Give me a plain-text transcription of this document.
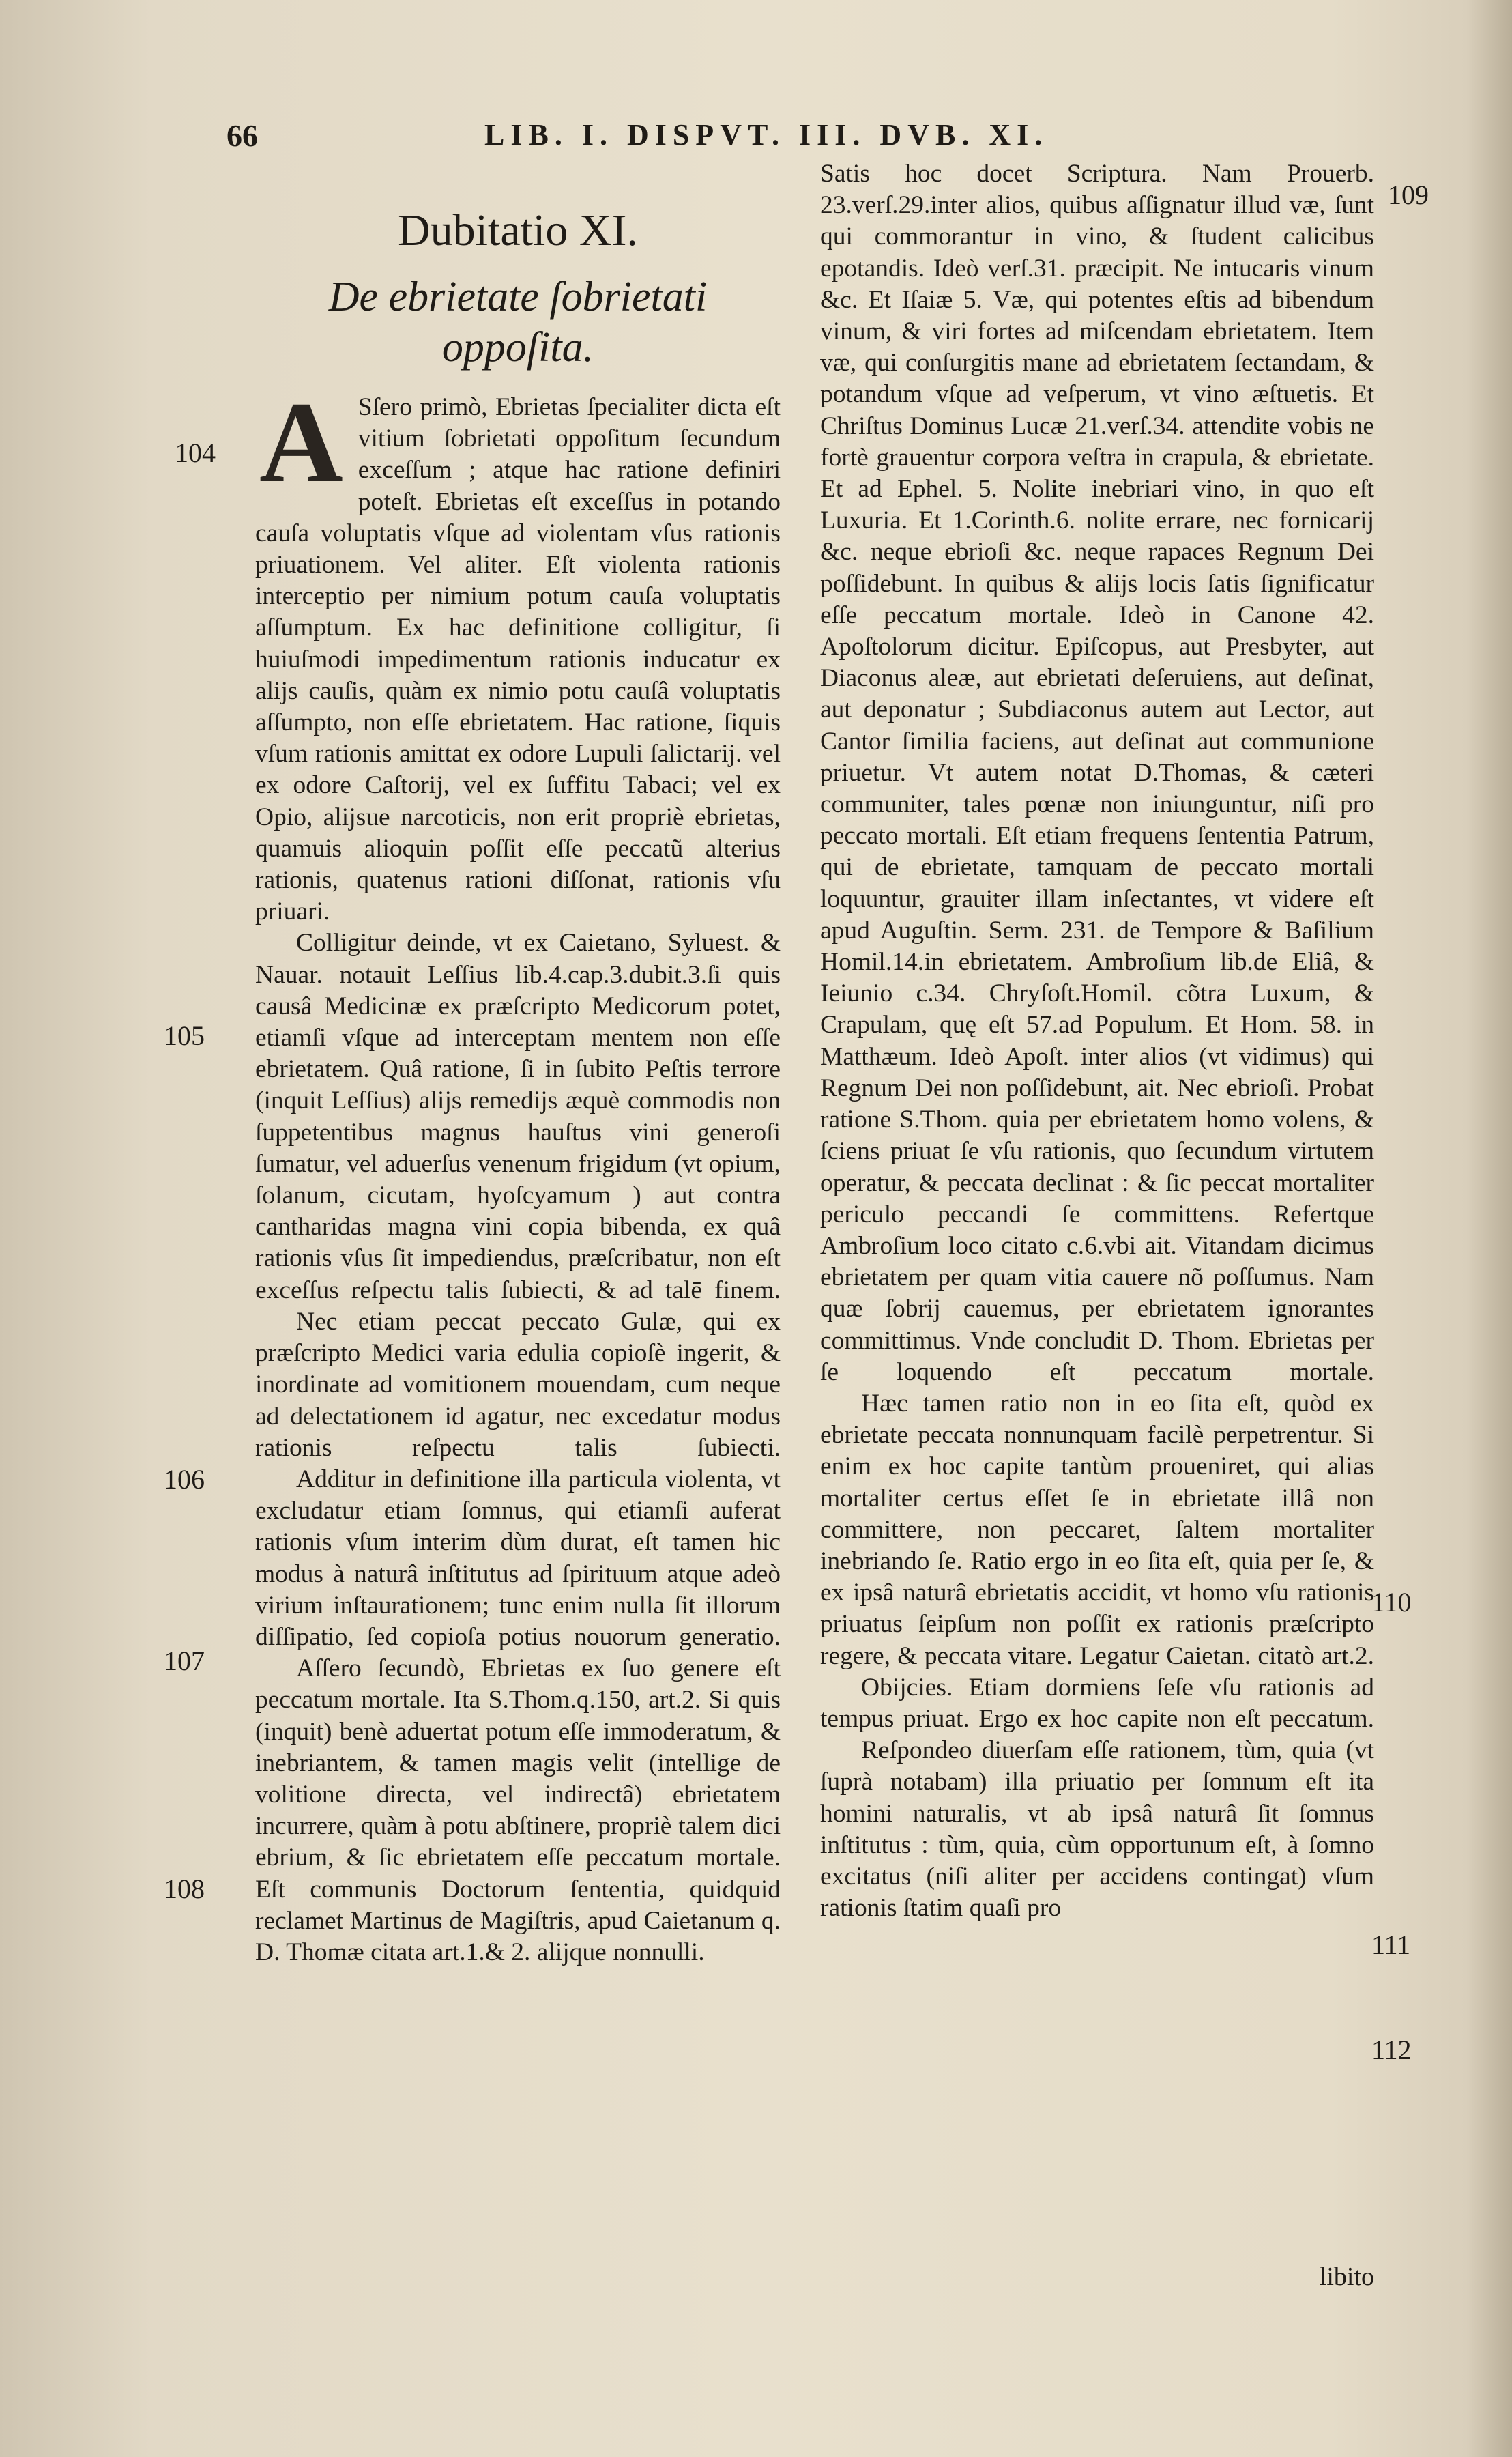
66	LIB. I. DISPVT. III. DVB. XI.
104
105
106
107
108
109
110
111
112
Dubitatio XI.
De ebrietate ſobrietati oppoſita.

A Sſero primò, Ebrietas ſpecialiter dicta eſt vitium ſobrietati oppoſitum ſecundum exceſſum ; atque hac ratione definiri poteſt. Ebrietas eſt exceſſus in potando cauſa voluptatis vſque ad violentam vſus rationis priuationem. Vel aliter. Eſt violenta rationis interceptio per nimium potum cauſa voluptatis aſſumptum. Ex hac definitione colligitur, ſi huiuſmodi impedimentum rationis inducatur ex alijs cauſis, quàm ex nimio potu cauſâ voluptatis aſſumpto, non eſſe ebrietatem. Hac ratione, ſiquis vſum rationis amittat ex odore Lupuli ſalictarij. vel ex odore Caſtorij, vel ex ſuffitu Tabaci; vel ex Opio, alijsue narcoticis, non erit propriè ebrietas, quamuis alioquin poſſit eſſe peccatũ alterius rationis, quatenus rationi diſſonat, rationis vſu priuari.

Colligitur deinde, vt ex Caietano, Syluest. & Nauar. notauit Leſſius lib.4.cap.3.dubit.3.ſi quis causâ Medicinæ ex præſcripto Medicorum potet, etiamſi vſque ad interceptam mentem non eſſe ebrietatem. Quâ ratione, ſi in ſubito Peſtis terrore (inquit Leſſius) alijs remedijs æquè commodis non ſuppetentibus magnus hauſtus vini generoſi ſumatur, vel aduerſus venenum frigidum (vt opium, ſolanum, cicutam, hyoſcyamum ) aut contra cantharidas magna vini copia bibenda, ex quâ rationis vſus ſit impediendus, præſcribatur, non eſt exceſſus reſpectu talis ſubiecti, & ad talē finem.

Nec etiam peccat peccato Gulæ, qui ex præſcripto Medici varia edulia copioſè ingerit, & inordinate ad vomitionem mouendam, cum neque ad delectationem id agatur, nec excedatur modus rationis reſpectu talis ſubiecti.

Additur in definitione illa particula violenta, vt excludatur etiam ſomnus, qui etiamſi auferat rationis vſum interim dùm durat, eſt tamen hic modus à naturâ inſtitutus ad ſpirituum atque adeò virium inſtaurationem; tunc enim nulla ſit illorum diſſipatio, ſed copioſa potius nouorum generatio.

Aſſero ſecundò, Ebrietas ex ſuo genere eſt peccatum mortale. Ita S.Thom.q.150, art.2. Si quis (inquit) benè aduertat potum eſſe immoderatum, & inebriantem, & tamen magis velit (intellige de volitione directa, vel indirectâ) ebrietatem incurrere, quàm à potu abſtinere, propriè talem dici ebrium, & ſic ebrietatem eſſe peccatum mortale. Eſt communis Doctorum ſententia, quidquid reclamet Martinus de Magiſtris, apud Caietanum q. D. Thomæ citata art.1.& 2. alijque nonnulli.

Satis hoc docet Scriptura. Nam Prouerb. 23.verſ.29.inter alios, quibus aſſignatur illud væ, ſunt qui commorantur in vino, & ſtudent calicibus epotandis. Ideò verſ.31. præcipit. Ne intucaris vinum &c. Et Iſaiæ 5. Væ, qui potentes eſtis ad bibendum vinum, & viri fortes ad miſcendam ebrietatem. Item væ, qui conſurgitis mane ad ebrietatem ſectandam, & potandum vſque ad veſperum, vt vino æſtuetis. Et Chriſtus Dominus Lucæ 21.verſ.34. attendite vobis ne fortè grauentur corpora veſtra in crapula, & ebrietate. Et ad Ephel. 5. Nolite inebriari vino, in quo eſt Luxuria. Et 1.Corinth.6. nolite errare, nec fornicarij &c. neque ebrioſi &c. neque rapaces Regnum Dei poſſidebunt. In quibus & alijs locis ſatis ſignificatur eſſe peccatum mortale. Ideò in Canone 42. Apoſtolorum dicitur. Epiſcopus, aut Presbyter, aut Diaconus aleæ, aut ebrietati deſeruiens, aut deſinat, aut deponatur ; Subdiaconus autem aut Lector, aut Cantor ſimilia faciens, aut deſinat aut communione priuetur. Vt autem notat D.Thomas, & cæteri communiter, tales pœnæ non iniunguntur, niſi pro peccato mortali. Eſt etiam frequens ſententia Patrum, qui de ebrietate, tamquam de peccato mortali loquuntur, grauiter illam inſectantes, vt videre eſt apud Auguſtin. Serm. 231. de Tempore & Baſilium Homil.14.in ebrietatem. Ambroſium lib.de Eliâ, & Ieiunio c.34. Chryſoſt.Homil. cõtra Luxum, & Crapulam, quę eſt 57.ad Populum. Et Hom. 58. in Matthæum. Ideò Apoſt. inter alios (vt vidimus) qui Regnum Dei non poſſidebunt, ait. Nec ebrioſi. Probat ratione S.Thom. quia per ebrietatem homo volens, & ſciens priuat ſe vſu rationis, quo ſecundum virtutem operatur, & peccata declinat : & ſic peccat mortaliter periculo peccandi ſe committens. Refertque Ambroſium loco citato c.6.vbi ait. Vitandam dicimus ebrietatem per quam vitia cauere nõ poſſumus. Nam quæ ſobrij cauemus, per ebrietatem ignorantes committimus. Vnde concludit D. Thom. Ebrietas per ſe loquendo eſt peccatum mortale.

Hæc tamen ratio non in eo ſita eſt, quòd ex ebrietate peccata nonnunquam facilè perpetrentur. Si enim ex hoc capite tantùm proueniret, qui alias mortaliter certus eſſet ſe in ebrietate illâ non committere, non peccaret, ſaltem mortaliter inebriando ſe. Ratio ergo in eo ſita eſt, quia per ſe, & ex ipsâ naturâ ebrietatis accidit, vt homo vſu rationis priuatus ſeipſum non poſſit ex rationis præſcripto regere, & peccata vitare. Legatur Caietan. citatò art.2.

Obijcies. Etiam dormiens ſeſe vſu rationis ad tempus priuat. Ergo ex hoc capite non eſt peccatum.

Reſpondeo diuerſam eſſe rationem, tùm, quia (vt ſuprà notabam) illa priuatio per ſomnum eſt ita homini naturalis, vt ab ipsâ naturâ ſit ſomnus inſtitutus : tùm, quia, cùm opportunum eſt, à ſomno excitatus (niſi aliter per accidens contingat) vſum rationis ſtatim quaſi pro

libito
